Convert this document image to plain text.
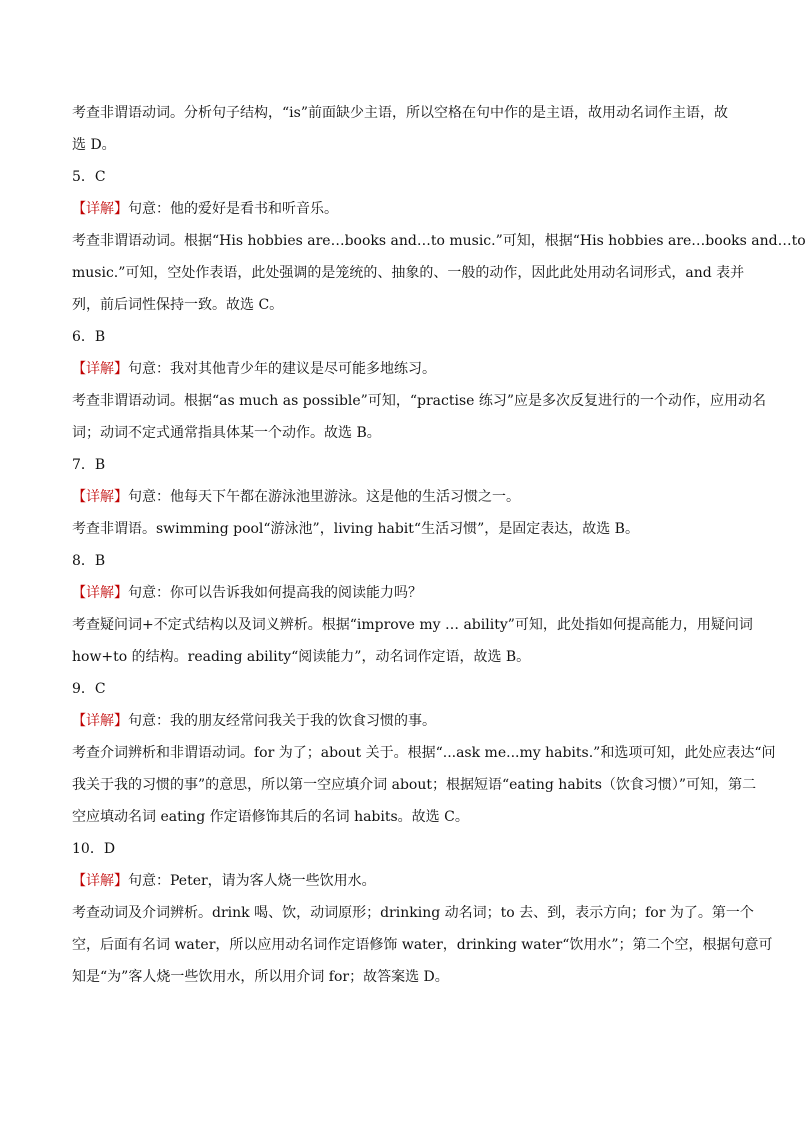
考查非谓语动词。分析句子结构，“is”前面缺少主语，所以空格在句中作的是主语，故用动名词作主语，故
选 D。
5．C
【详解】句意：他的爱好是看书和听音乐。
考查非谓语动词。根据“His hobbies are…books and…to music.”可知，根据“His hobbies are…books and…to
music.”可知，空处作表语，此处强调的是笼统的、抽象的、一般的动作，因此此处用动名词形式，and 表并
列，前后词性保持一致。故选 C。
6．B
【详解】句意：我对其他青少年的建议是尽可能多地练习。
考查非谓语动词。根据“as much as possible”可知，“practise 练习”应是多次反复进行的一个动作，应用动名
词；动词不定式通常指具体某一个动作。故选 B。
7．B
【详解】句意：他每天下午都在游泳池里游泳。这是他的生活习惯之一。
考查非谓语。swimming pool“游泳池”，living habit“生活习惯”，是固定表达，故选 B。
8．B
【详解】句意：你可以告诉我如何提高我的阅读能力吗？
考查疑问词+不定式结构以及词义辨析。根据“improve my … ability”可知，此处指如何提高能力，用疑问词
how+to 的结构。reading ability“阅读能力”，动名词作定语，故选 B。
9．C
【详解】句意：我的朋友经常问我关于我的饮食习惯的事。
考查介词辨析和非谓语动词。for 为了；about 关于。根据“...ask me...my habits.”和选项可知，此处应表达“问
我关于我的习惯的事”的意思，所以第一空应填介词 about；根据短语“eating habits（饮食习惯）”可知，第二
空应填动名词 eating 作定语修饰其后的名词 habits。故选 C。
10．D
【详解】句意：Peter，请为客人烧一些饮用水。
考查动词及介词辨析。drink 喝、饮，动词原形；drinking 动名词；to 去、到，表示方向；for 为了。第一个
空，后面有名词 water，所以应用动名词作定语修饰 water，drinking water“饮用水”；第二个空，根据句意可
知是“为”客人烧一些饮用水，所以用介词 for；故答案选 D。
